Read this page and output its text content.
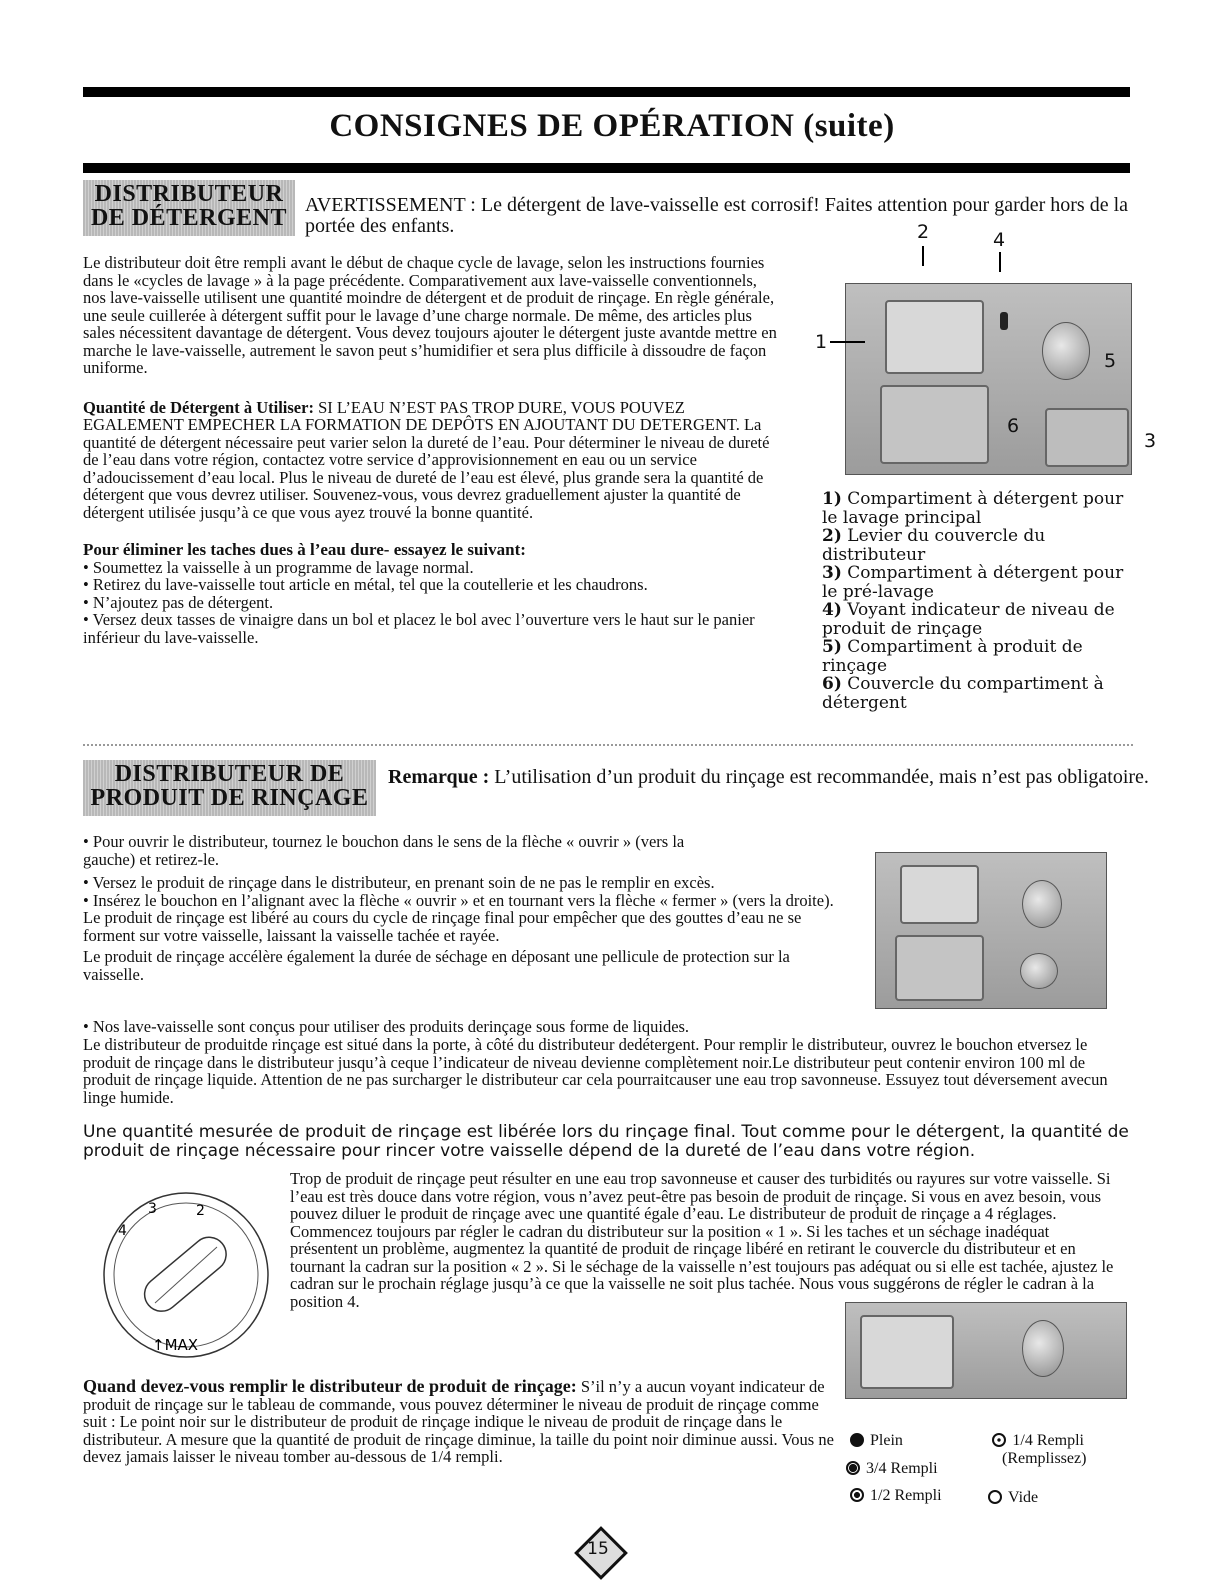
CONSIGNES DE OPÉRATION (suite)
DISTRIBUTEUR
DE DÉTERGENT AVERTISSEMENT : Le détergent de lave-vaisselle est corrosif! Faites attention pour garder hors de la portée des enfants.

Le distributeur doit être rempli avant le début de chaque cycle de lavage, selon les instructions fournies dans le «cycles de lavage » à la page précédente. Comparativement aux lave-vaisselle conventionnels, nos lave-vaisselle utilisent une quantité moindre de détergent et de produit de rinçage. En règle générale, une seule cuillerée à détergent suffit pour le lavage d’une charge normale. De même, des articles plus sales nécessitent davantage de détergent. Vous devez toujours ajouter le détergent juste avantde mettre en marche le lave-vaisselle, autrement le savon peut s’humidifier et sera plus difficile à dissoudre de façon uniforme.

Quantité de Détergent à Utiliser: SI L’EAU N’EST PAS TROP DURE, VOUS POUVEZ EGALEMENT EMPECHER LA FORMATION DE DEPÔTS EN AJOUTANT DU DETERGENT. La quantité de détergent nécessaire peut varier selon la dureté de l’eau. Pour déterminer le niveau de dureté de l’eau dans votre région, contactez votre service d’approvisionnement en eau ou un service d’adoucissement d’eau local. Plus le niveau de dureté de l’eau est élevé, plus grande sera la quantité de détergent que vous devrez utiliser. Souvenez-vous, vous devrez graduellement ajuster la quantité de détergent utilisée jusqu’à ce que vous ayez trouvé la bonne quantité.

Pour éliminer les taches dues à l’eau dure- essayez le suivant:

• Soumettez la vaisselle à un programme de lavage normal.
• Retirez du lave-vaisselle tout article en métal, tel que la coutellerie et les chaudrons.
• N’ajoutez pas de détergent.
• Versez deux tasses de vinaigre dans un bol et placez le bol avec l’ouverture vers le haut sur le panier inférieur du lave-vaisselle.
1
2	4
5
6
3
1) Compartiment à détergent pour le lavage principal
2) Levier du couvercle du distributeur
3) Compartiment à détergent pour le pré-lavage
4) Voyant indicateur de niveau de produit de rinçage
5) Compartiment à produit de rinçage
6) Couvercle du compartiment à détergent
DISTRIBUTEUR DE
PRODUIT DE RINÇAGE
Remarque : L’utilisation d’un produit du rinçage est recommandée, mais n’est pas obligatoire.
• Pour ouvrir le distributeur, tournez le bouchon dans le sens de la flèche « ouvrir » (vers la gauche) et retirez-le.
• Versez le produit de rinçage dans le distributeur, en prenant soin de ne pas le remplir en excès.
• Insérez le bouchon en l’alignant avec la flèche « ouvrir » et en tournant vers la flèche « fermer » (vers la droite).
Le produit de rinçage est libéré au cours du cycle de rinçage final pour empêcher que des gouttes d’eau ne se forment sur votre vaisselle, laissant la vaisselle tachée et rayée.
Le produit de rinçage accélère également la durée de séchage en déposant une pellicule de protection sur la vaisselle.
• Nos lave-vaisselle sont conçus pour utiliser des produits derinçage sous forme de liquides.
Le distributeur de produitde rinçage est situé dans la porte, à côté du distributeur dedétergent. Pour remplir le distributeur, ouvrez le bouchon etversez le produit de rinçage dans le distributeur jusqu’à ceque l’indicateur de niveau devienne complètement noir.Le distributeur peut contenir environ 100 ml de produit de rinçage liquide. Attention de ne pas surcharger le distributeur car cela pourraitcauser une eau trop savonneuse. Essuyez tout déversement avecun linge humide.
Une quantité mesurée de produit de rinçage est libérée lors du rinçage final. Tout comme pour le détergent, la quantité de produit de rinçage nécessaire pour rincer votre vaisselle dépend de la dureté de l’eau dans votre région.
3	2
4
↑MAX
Trop de produit de rinçage peut résulter en une eau trop savonneuse et causer des turbidités ou rayures sur votre vaisselle. Si l’eau est très douce dans votre région, vous n’avez peut-être pas besoin de produit de rinçage. Si vous en avez besoin, vous pouvez diluer le produit de rinçage avec une quantité égale d’eau. Le distributeur de produit de rinçage a 4 réglages. Commencez toujours par régler le cadran du distributeur sur la position « 1 ». Si les taches et un séchage inadéquat présentent un problème, augmentez la quantité de produit de rinçage libéré en retirant le couvercle du distributeur et en tournant la cadran sur la position « 2 ». Si le séchage de la vaisselle n’est toujours pas adéquat ou si elle est tachée, ajustez le cadran sur le prochain réglage jusqu’à ce que la vaisselle ne soit plus tachée. Nous vous suggérons de régler le cadran à la position 4.
Quand devez-vous remplir le distributeur de produit de rinçage: S’il n’y a aucun voyant indicateur de produit de rinçage sur le tableau de commande, vous pouvez déterminer le niveau de produit de rinçage comme suit : Le point noir sur le distributeur de produit de rinçage indique le niveau de produit de rinçage dans le distributeur. A mesure que la quantité de produit de rinçage diminue, la taille du point noir diminue aussi. Vous ne devez jamais laisser le niveau tomber au-dessous de 1/4 rempli.
Plein
3/4 Rempli
1/2 Rempli
1/4 Rempli
(Remplissez)
Vide
15
